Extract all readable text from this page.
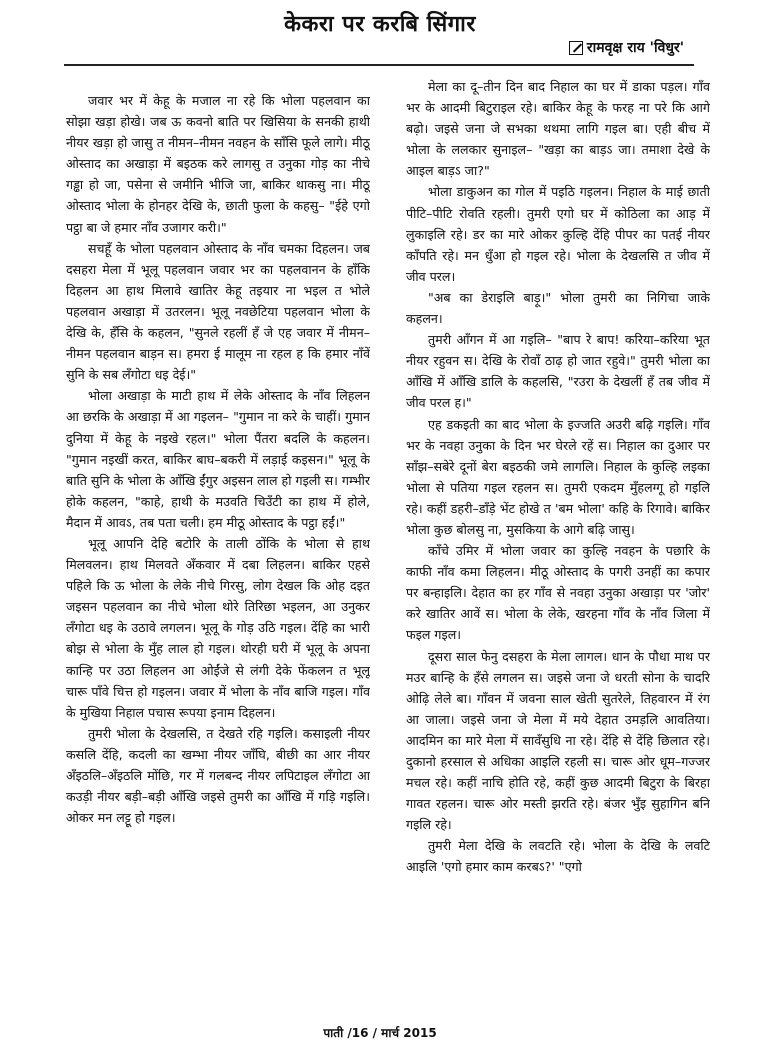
केकरा पर करबि सिंगार
रामवृक्ष राय 'विधुर'

जवार भर में केहू के मजाल ना रहे कि भोला पहलवान का सोझा खड़ा होखे। जब ऊ कवनो बाति पर खिसिया के सनकी हाथी नीयर खड़ा हो जासु त नीमन–नीमन नवहन के साँसि फूले लागे। मीठू ओस्ताद का अखाड़ा में बइठक करे लागसु त उनुका गोड़ का नीचे गड्ढा हो जा, पसेना से जमीनि भीजि जा, बाकिर थाकसु ना। मीठू ओस्ताद भोला के होनहर देखि के, छाती फुला के कहसु– "ईहे एगो पट्ठा बा जे हमार नाँव उजागर करी।"

सचहूँ के भोला पहलवान ओस्ताद के नाँव चमका दिहलन। जब दसहरा मेला में भूलू पहलवान जवार भर का पहलवानन के हाँकि दिहलन आ हाथ मिलावे खातिर केहू तइयार ना भइल त भोले पहलवान अखाड़ा में उतरलन। भूलू नवछेटिया पहलवान भोला के देखि के, हँसि के कहलन, "सुनले रहलीं हँ जे एह जवार में नीमन–नीमन पहलवान बाड़न स। हमरा ई मालूम ना रहल ह कि हमार नाँवें सुनि के सब लँगोटा धइ देई।"

भोला अखाड़ा के माटी हाथ में लेके ओस्ताद के नाँव लिहलन आ छरकि के अखाड़ा में आ गइलन– "गुमान ना करे के चाहीं। गुमान दुनिया में केहू के नइखे रहल।" भोला पैंतरा बदलि के कहलन। "गुमान नइखीं करत, बाकिर बाघ–बकरी में लड़ाई कइसन।" भूलू के बाति सुनि के भोला के आँखि ईंगुर अइसन लाल हो गइली स। गम्भीर होके कहलन, "काहे, हाथी के मउवति चिउँटी का हाथ में होले, मैदान में आवऽ, तब पता चली। हम मीठू ओस्ताद के पट्ठा हईं।"

भूलू आपनि देहि बटोरि के ताली ठोंकि के भोला से हाथ मिलवलन। हाथ मिलवते अँकवार में दबा लिहलन। बाकिर एहसे पहिले कि ऊ भोला के लेके नीचे गिरसु, लोग देखल कि ओह दइत जइसन पहलवान का नीचे भोला थोरे तिरिछा भइलन, आ उनुकर लँगोटा धइ के उठावे लगलन। भूलू के गोड़ उठि गइल। देंहि का भारी बोझ से भोला के मुँह लाल हो गइल। थोरही घरी में भूलू के अपना कान्हि पर उठा लिहलन आ ओईंजे से लंगी देके फेंकलन त भूलू चारू पाँवे चित्त हो गइलन। जवार में भोला के नाँव बाजि गइल। गाँव के मुखिया निहाल पचास रूपया इनाम दिहलन।

तुमरी भोला के देखलसि, त देखते रहि गइलि। कसाइली नीयर कसलि देंहि, कदली का खम्भा नीयर जाँघि, बीछी का आर नीयर अँइठलि–अँइठलि मोंछि, गर में गलबन्द नीयर लपिटाइल लँगोटा आ कउड़ी नीयर बड़ी–बड़ी आँखि जइसे तुमरी का आँखि में गड़ि गइलि। ओकर मन लट्टू हो गइल।

मेला का दू–तीन दिन बाद निहाल का घर में डाका पड़ल। गाँव भर के आदमी बिटुराइल रहे। बाकिर केहू के फरह ना परे कि आगे बढ़ो। जइसे जना जे सभका थथमा लागि गइल बा। एही बीच में भोला के ललकार सुनाइल– "खड़ा का बाड़ऽ जा। तमाशा देखे के आइल बाड़ऽ जा?"

भोला डाकुअन का गोल में पइठि गइलन। निहाल के माई छाती पीटि–पीटि रोवति रहली। तुमरी एगो घर में कोठिला का आड़ में लुकाइलि रहे। डर का मारे ओकर कुल्हि देंहि पीपर का पतई नीयर काँपति रहे। मन धुँआ हो गइल रहे। भोला के देखलसि त जीव में जीव परल।

"अब का डेराइलि बाड़ू।" भोला तुमरी का निगिचा जाके कहलन।

तुमरी आँगन में आ गइलि– "बाप रे बाप! करिया–करिया भूत नीयर रहुवन स। देखि के रोवाँ ठाढ़ हो जात रहुवे।" तुमरी भोला का आँखि में आँखि डालि के कहलसि, "रउरा के देखलीं हँ तब जीव में जीव परल ह।"

एह डकइती का बाद भोला के इज्जति अउरी बढ़ि गइलि। गाँव भर के नवहा उनुका के दिन भर घेरले रहें स। निहाल का दुआर पर साँझ–सबेरे दूनों बेरा बइठकी जमे लागलि। निहाल के कुल्हि लइका भोला से पतिया गइल रहलन स। तुमरी एकदम मुँहलग्गू हो गइलि रहे। कहीं डहरी–डाँड़े भेंट होखे त 'बम भोला' कहि के रिगावे। बाकिर भोला कुछ बोलसु ना, मुसकिया के आगे बढ़ि जासु।

काँचे उमिर में भोला जवार का कुल्हि नवहन के पछारि के काफी नाँव कमा लिहलन। मीठू ओस्ताद के पगरी उनहीं का कपार पर बन्हाइलि। देहात का हर गाँव से नवहा उनुका अखाड़ा पर 'जोर' करे खातिर आवें स। भोला के लेके, खरहना गाँव के नाँव जिला में फइल गइल।

दूसरा साल फेनु दसहरा के मेला लागल। धान के पौधा माथ पर मउर बान्हि के हँसे लगलन स। जइसे जना जे धरती सोना के चादरि ओढ़ि लेले बा। गाँवन में जवना साल खेती सुतरेले, तिहवारन में रंग आ जाला। जइसे जना जे मेला में मये देहात उमड़लि आवतिया। आदमिन का मारे मेला में सावँसुधि ना रहे। देंहि से देंहि छिलात रहे। दुकानो हरसाल से अधिका आइलि रहली स। चारू ओर धूम–गज्जर मचल रहे। कहीं नाचि होति रहे, कहीं कुछ आदमी बिटुरा के बिरहा गावत रहलन। चारू ओर मस्ती झरति रहे। बंजर भुँइ सुहागिन बनि गइलि रहे।

तुमरी मेला देखि के लवटति रहे। भोला के देखि के लवटि आइलि 'एगो हमार काम करबऽ?' "एगो

पाती /16 / मार्च 2015
